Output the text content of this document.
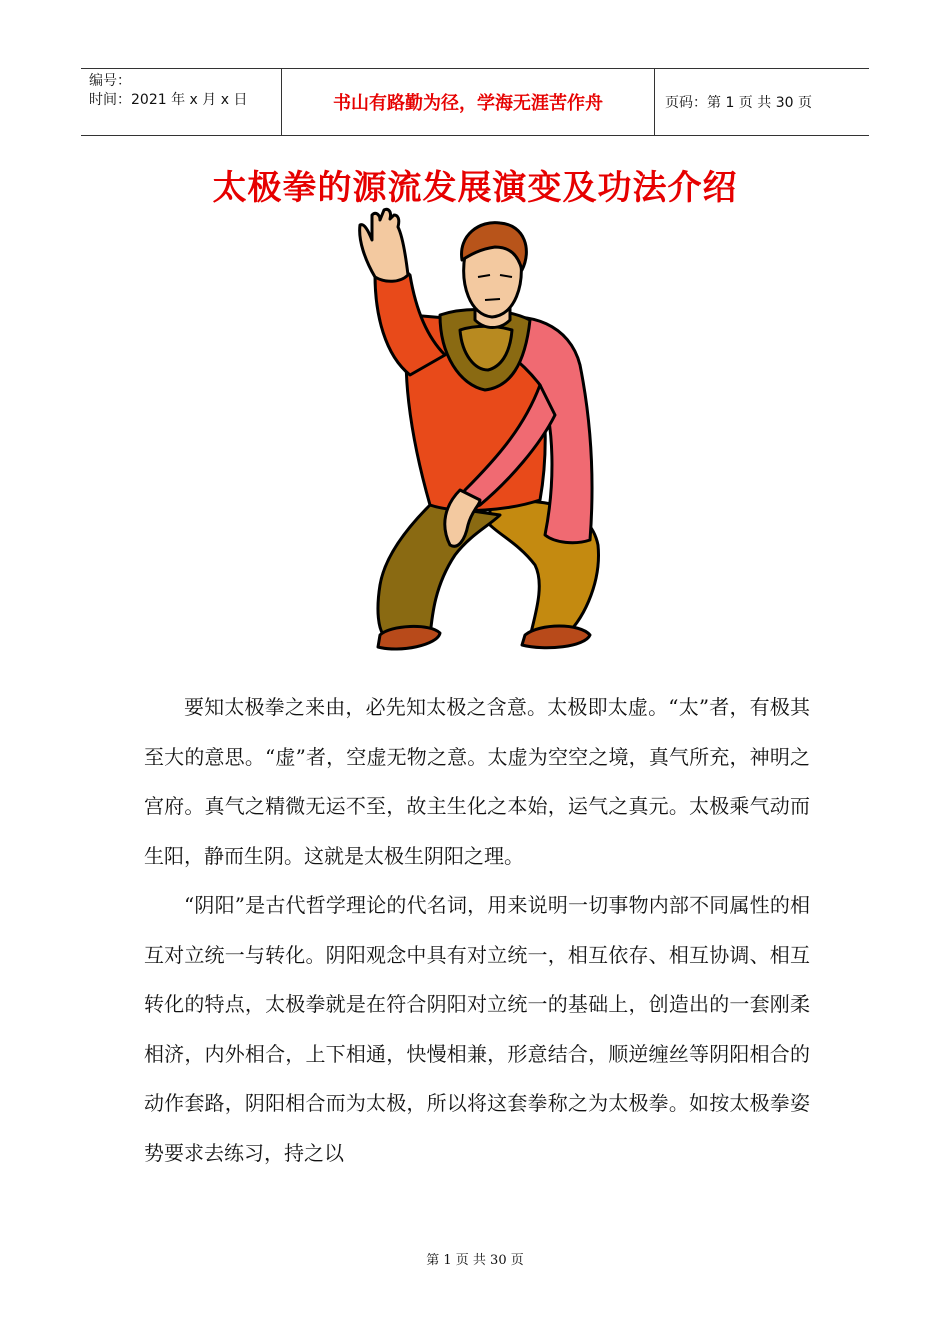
编号：
时间：2021 年 x 月 x 日	书山有路勤为径，学海无涯苦作舟	页码：第 1 页 共 30 页
太极拳的源流发展演变及功法介绍

要知太极拳之来由，必先知太极之含意。太极即太虚。“太”者，有极其至大的意思。“虚”者，空虚无物之意。太虚为空空之境，真气所充，神明之宫府。真气之精微无运不至，故主生化之本始，运气之真元。太极乘气动而生阳，静而生阴。这就是太极生阴阳之理。

“阴阳”是古代哲学理论的代名词，用来说明一切事物内部不同属性的相互对立统一与转化。阴阳观念中具有对立统一，相互依存、相互协调、相互转化的特点，太极拳就是在符合阴阳对立统一的基础上，创造出的一套刚柔相济，内外相合，上下相通，快慢相兼，形意结合，顺逆缠丝等阴阳相合的动作套路，阴阳相合而为太极，所以将这套拳称之为太极拳。如按太极拳姿势要求去练习，持之以

第 1 页 共 30 页
